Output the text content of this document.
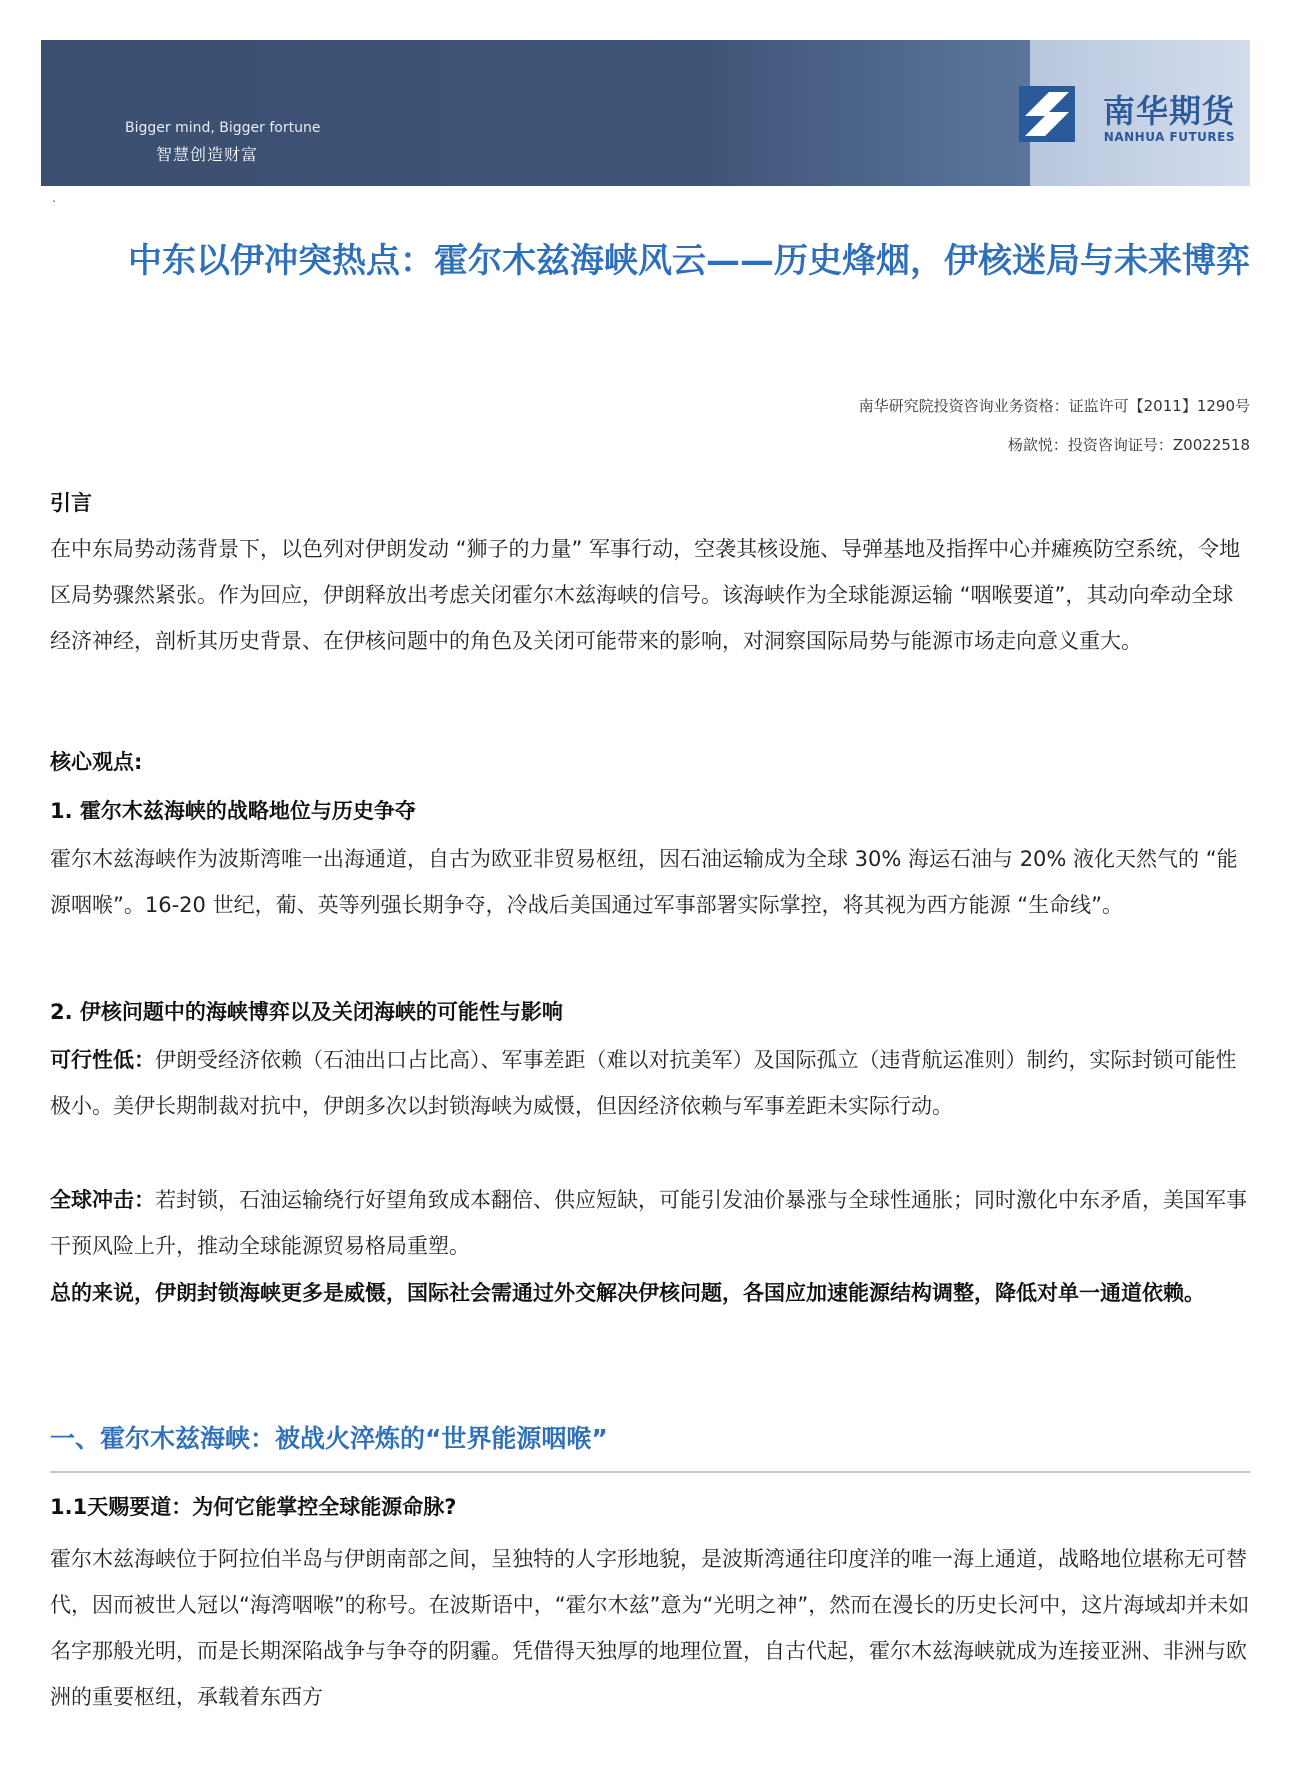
Bigger mind, Bigger fortune
智慧创造财富
南华期货
NANHUA FUTURES
.
中东以伊冲突热点：霍尔木兹海峡风云——历史烽烟，伊核迷局与未来博弈
南华研究院投资咨询业务资格：证监许可【2011】1290号
杨歆悦：投资咨询证号：Z0022518
引言
在中东局势动荡背景下，以色列对伊朗发动 “狮子的力量” 军事行动，空袭其核设施、导弹基地及指挥中心并瘫痪防空系统，令地区局势骤然紧张。作为回应，伊朗释放出考虑关闭霍尔木兹海峡的信号。该海峡作为全球能源运输 “咽喉要道”，其动向牵动全球经济神经，剖析其历史背景、在伊核问题中的角色及关闭可能带来的影响，对洞察国际局势与能源市场走向意义重大。
核心观点:
1. 霍尔木兹海峡的战略地位与历史争夺
霍尔木兹海峡作为波斯湾唯一出海通道，自古为欧亚非贸易枢纽，因石油运输成为全球 30% 海运石油与 20% 液化天然气的 “能源咽喉”。16-20 世纪，葡、英等列强长期争夺，冷战后美国通过军事部署实际掌控，将其视为西方能源 “生命线”。
2. 伊核问题中的海峡博弈以及关闭海峡的可能性与影响
可行性低：伊朗受经济依赖（石油出口占比高）、军事差距（难以对抗美军）及国际孤立（违背航运准则）制约，实际封锁可能性极小。美伊长期制裁对抗中，伊朗多次以封锁海峡为威慑，但因经济依赖与军事差距未实际行动。
全球冲击：若封锁，石油运输绕行好望角致成本翻倍、供应短缺，可能引发油价暴涨与全球性通胀；同时激化中东矛盾，美国军事干预风险上升，推动全球能源贸易格局重塑。
总的来说，伊朗封锁海峡更多是威慑，国际社会需通过外交解决伊核问题，各国应加速能源结构调整，降低对单一通道依赖。
一、霍尔木兹海峡：被战火淬炼的“世界能源咽喉”
1.1天赐要道：为何它能掌控全球能源命脉?
霍尔木兹海峡位于阿拉伯半岛与伊朗南部之间，呈独特的人字形地貌，是波斯湾通往印度洋的唯一海上通道，战略地位堪称无可替代，因而被世人冠以“海湾咽喉”的称号。在波斯语中，“霍尔木兹”意为“光明之神”，然而在漫长的历史长河中，这片海域却并未如名字那般光明，而是长期深陷战争与争夺的阴霾。凭借得天独厚的地理位置，自古代起，霍尔木兹海峡就成为连接亚洲、非洲与欧洲的重要枢纽，承载着东西方
